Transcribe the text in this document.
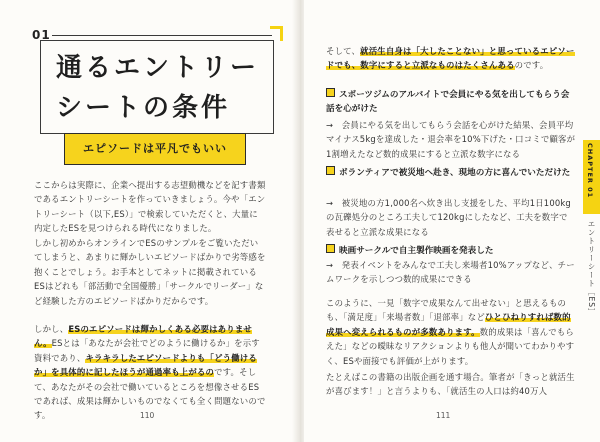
01
通るエントリー
シートの条件
エピソードは平凡でもいい
ここからは実際に、企業へ提出する志望動機などを記す書類であるエントリーシートを作っていきましょう。今や「エントリーシート（以下,ES）」で検索していただくと、大量に内定したESを見つけられる時代になりました。
しかし初めからオンラインでESのサンプルをご覧いただいてしまうと、あまりに輝かしいエピソードばかりで劣等感を抱くことでしょう。お手本としてネットに掲載されているESはどれも「部活動で全国優勝」「サークルでリーダー」など経験した方のエピソードばかりだからです。
しかし、ESのエピソードは輝かしくある必要はありません。ESとは「あなたが会社でどのように働けるか」を示す資料であり、キラキラしたエピソードよりも「どう働けるか」を具体的に記したほうが通過率も上がるのです。そして、あなたがその会社で働いているところを想像させるESであれば、成果は輝かしいものでなくても全く問題ないのです。	110
そして、就活生自身は「大したことない」と思っているエピソードでも、数字にすると立派なものはたくさんあるのです。
スポーツジムのアルバイトで会員にやる気を出してもらう会話を心がけた
→　会員にやる気を出してもらう会話を心がけた結果、会員平均マイナス5kgを達成した・退会率を10%下げた・口コミで顧客が1割増えたなど数的成果にすると立派な数字になる
ボランティアで被災地へ赴き、現地の方に喜んでいただけた
→　被災地の方1,000名へ炊き出し支援をした、平均1日100kgの瓦礫処分のところ工夫して120kgにしたなど、工夫を数字で表せると立派な成果になる
映画サークルで自主製作映画を発表した
→　発表イベントをみんなで工夫し来場者10%アップなど、チームワークを示しつつ数的成果にできる
このように、一見「数字で成果なんて出せない」と思えるものも、「満足度」「来場者数」「退部率」などひとひねりすれば数的成果へ変えられるものが多数あります。数的成果は「喜んでもらえた」などの曖昧なリアクションよりも他人が聞いてわかりやすく、ESや面接でも評価が上がります。
たとえばこの書籍の出版企画を通す場合。筆者が「きっと就活生が喜びます！」と言うよりも、「就活生の人口は約40万人
111
CHAPTER 01
エントリーシート［ES］
